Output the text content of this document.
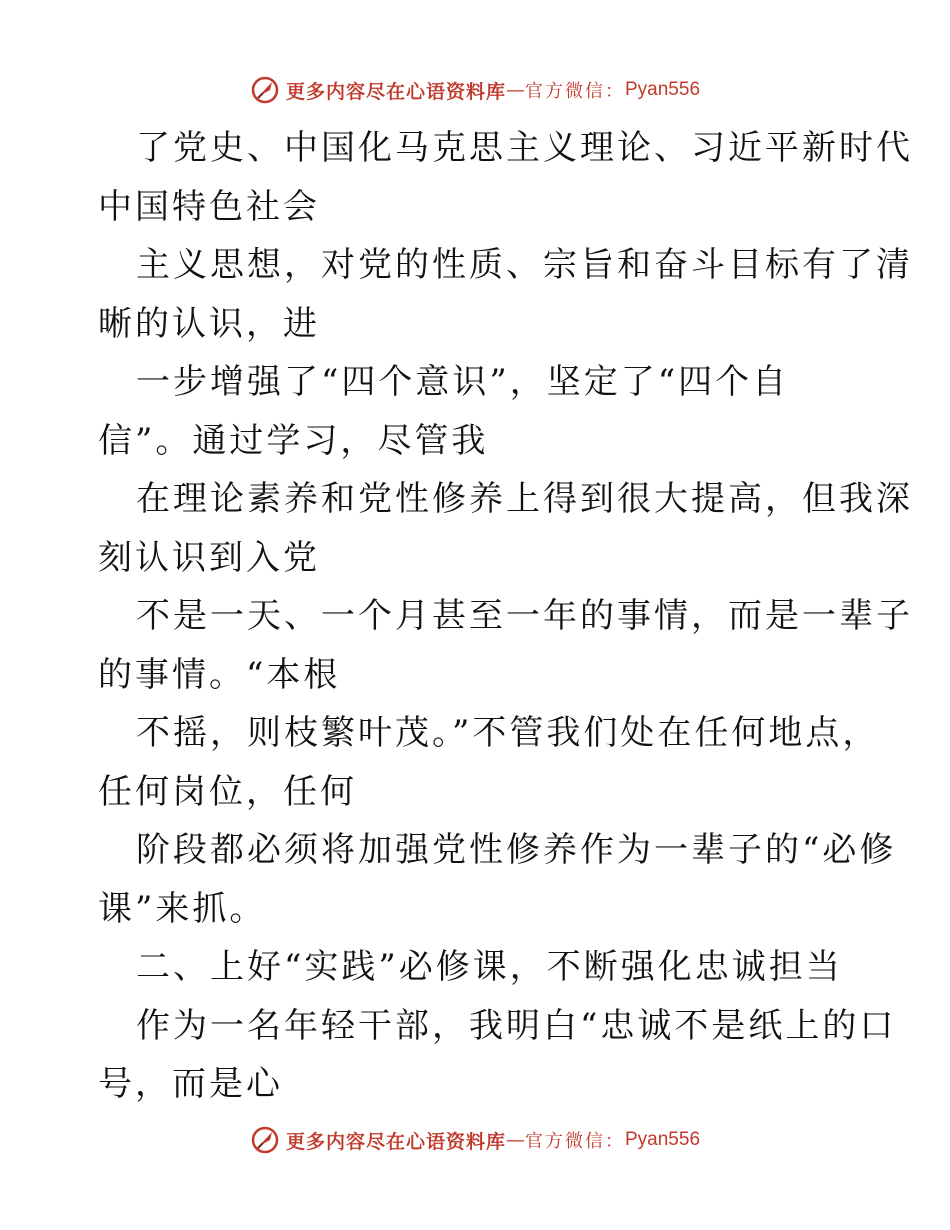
更多内容尽在心语资料库 — 官方微信： Pyan556
了党史、中国化马克思主义理论、习近平新时代
中国特色社会
主义思想，对党的性质、宗旨和奋斗目标有了清
晰的认识，进
一步增强了“四个意识”，坚定了“四个自
信”。通过学习，尽管我
在理论素养和党性修养上得到很大提高，但我深
刻认识到入党
不是一天、一个月甚至一年的事情，而是一辈子
的事情。“本根
不摇，则枝繁叶茂。”不管我们处在任何地点，
任何岗位，任何
阶段都必须将加强党性修养作为一辈子的“必修
课”来抓。
二、上好“实践”必修课，不断强化忠诚担当
作为一名年轻干部，我明白“忠诚不是纸上的口
号，而是心
更多内容尽在心语资料库 — 官方微信： Pyan556
